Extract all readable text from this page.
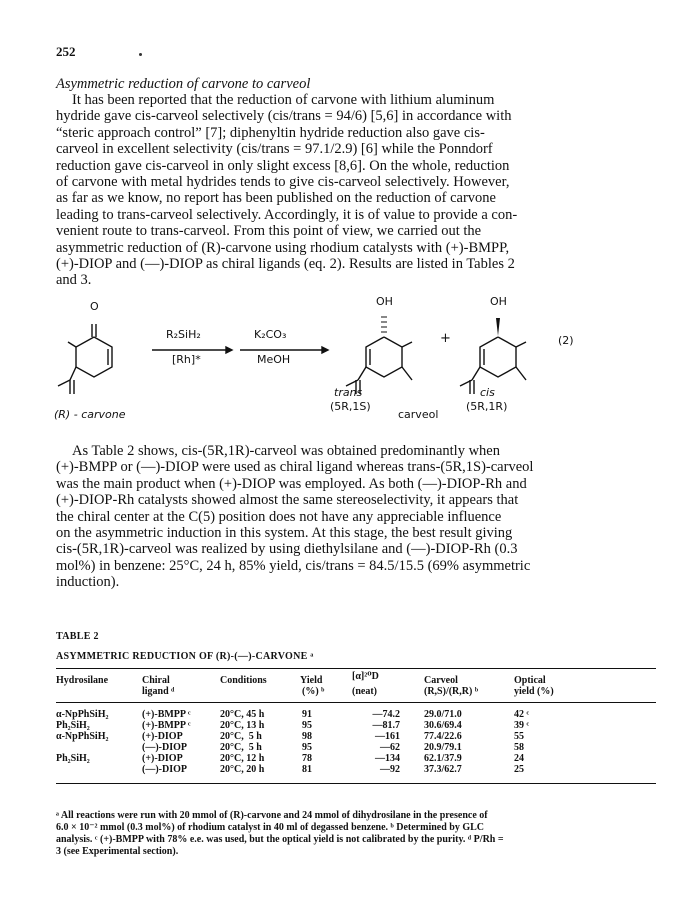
252
Asymmetric reduction of carvone to carveol
It has been reported that the reduction of carvone with lithium aluminum
hydride gave cis-carveol selectively (cis/trans = 94/6) [5,6] in accordance with
“steric approach control” [7]; diphenyltin hydride reduction also gave cis-
carveol in excellent selectivity (cis/trans = 97.1/2.9) [6] while the Ponndorf
reduction gave cis-carveol in only slight excess [8,6]. On the whole, reduction
of carvone with metal hydrides tends to give cis-carveol selectively. However,
as far as we know, no report has been published on the reduction of carvone
leading to trans-carveol selectively. Accordingly, it is of value to provide a con-
venient route to trans-carveol. From this point of view, we carried out the
asymmetric reduction of (R)-carvone using rhodium catalysts with (+)-BMPP,
(+)-DIOP and (—)-DIOP as chiral ligands (eq. 2). Results are listed in Tables 2
and 3.
O
R₂SiH₂
[Rh]*
K₂CO₃
MeOH
OH
+
OH
(2)
(R) - carvone
trans
(5R,1S)
cis
(5R,1R)
carveol
As Table 2 shows, cis-(5R,1R)-carveol was obtained predominantly when
(+)-BMPP or (—)-DIOP were used as chiral ligand whereas trans-(5R,1S)-carveol
was the main product when (+)-DIOP was employed. As both (—)-DIOP-Rh and
(+)-DIOP-Rh catalysts showed almost the same stereoselectivity, it appears that
the chiral center at the C(5) position does not have any appreciable influence
on the asymmetric induction in this system. At this stage, the best result giving
cis-(5R,1R)-carveol was realized by using diethylsilane and (—)-DIOP-Rh (0.3
mol%) in benzene: 25°C, 24 h, 85% yield, cis/trans = 84.5/15.5 (69% asymmetric
induction).
TABLE 2
ASYMMETRIC REDUCTION OF (R)-(—)-CARVONE ᵃ
Hydrosilane	Chiral
ligand ᵈ
Conditions	Yield
(%) ᵇ
[α]²⁰D
(neat)
Carveol
(R,S)/(R,R) ᵇ
Optical
yield (%)
α-NpPhSiH₂
Ph₂SiH₂
α-NpPhSiH₂

Ph₂SiH₂

(+)-BMPP ᶜ
(+)-BMPP ᶜ
(+)-DIOP
(—)-DIOP
(+)-DIOP
(—)-DIOP
20°C, 45 h
20°C, 13 h
20°C,  5 h
20°C,  5 h
20°C, 12 h
20°C, 20 h
91
95
98
95
78
81
—74.2
—81.7
—161
—62
—134
—92
29.0/71.0
30.6/69.4
77.4/22.6
20.9/79.1
62.1/37.9
37.3/62.7
42 ᶜ
39 ᶜ
55
58
24
25
ᵃ All reactions were run with 20 mmol of (R)-carvone and 24 mmol of dihydrosilane in the presence of
6.0 × 10⁻² mmol (0.3 mol%) of rhodium catalyst in 40 ml of degassed benzene. ᵇ Determined by GLC
analysis. ᶜ (+)-BMPP with 78% e.e. was used, but the optical yield is not calibrated by the purity. ᵈ P/Rh =
3 (see Experimental section).
